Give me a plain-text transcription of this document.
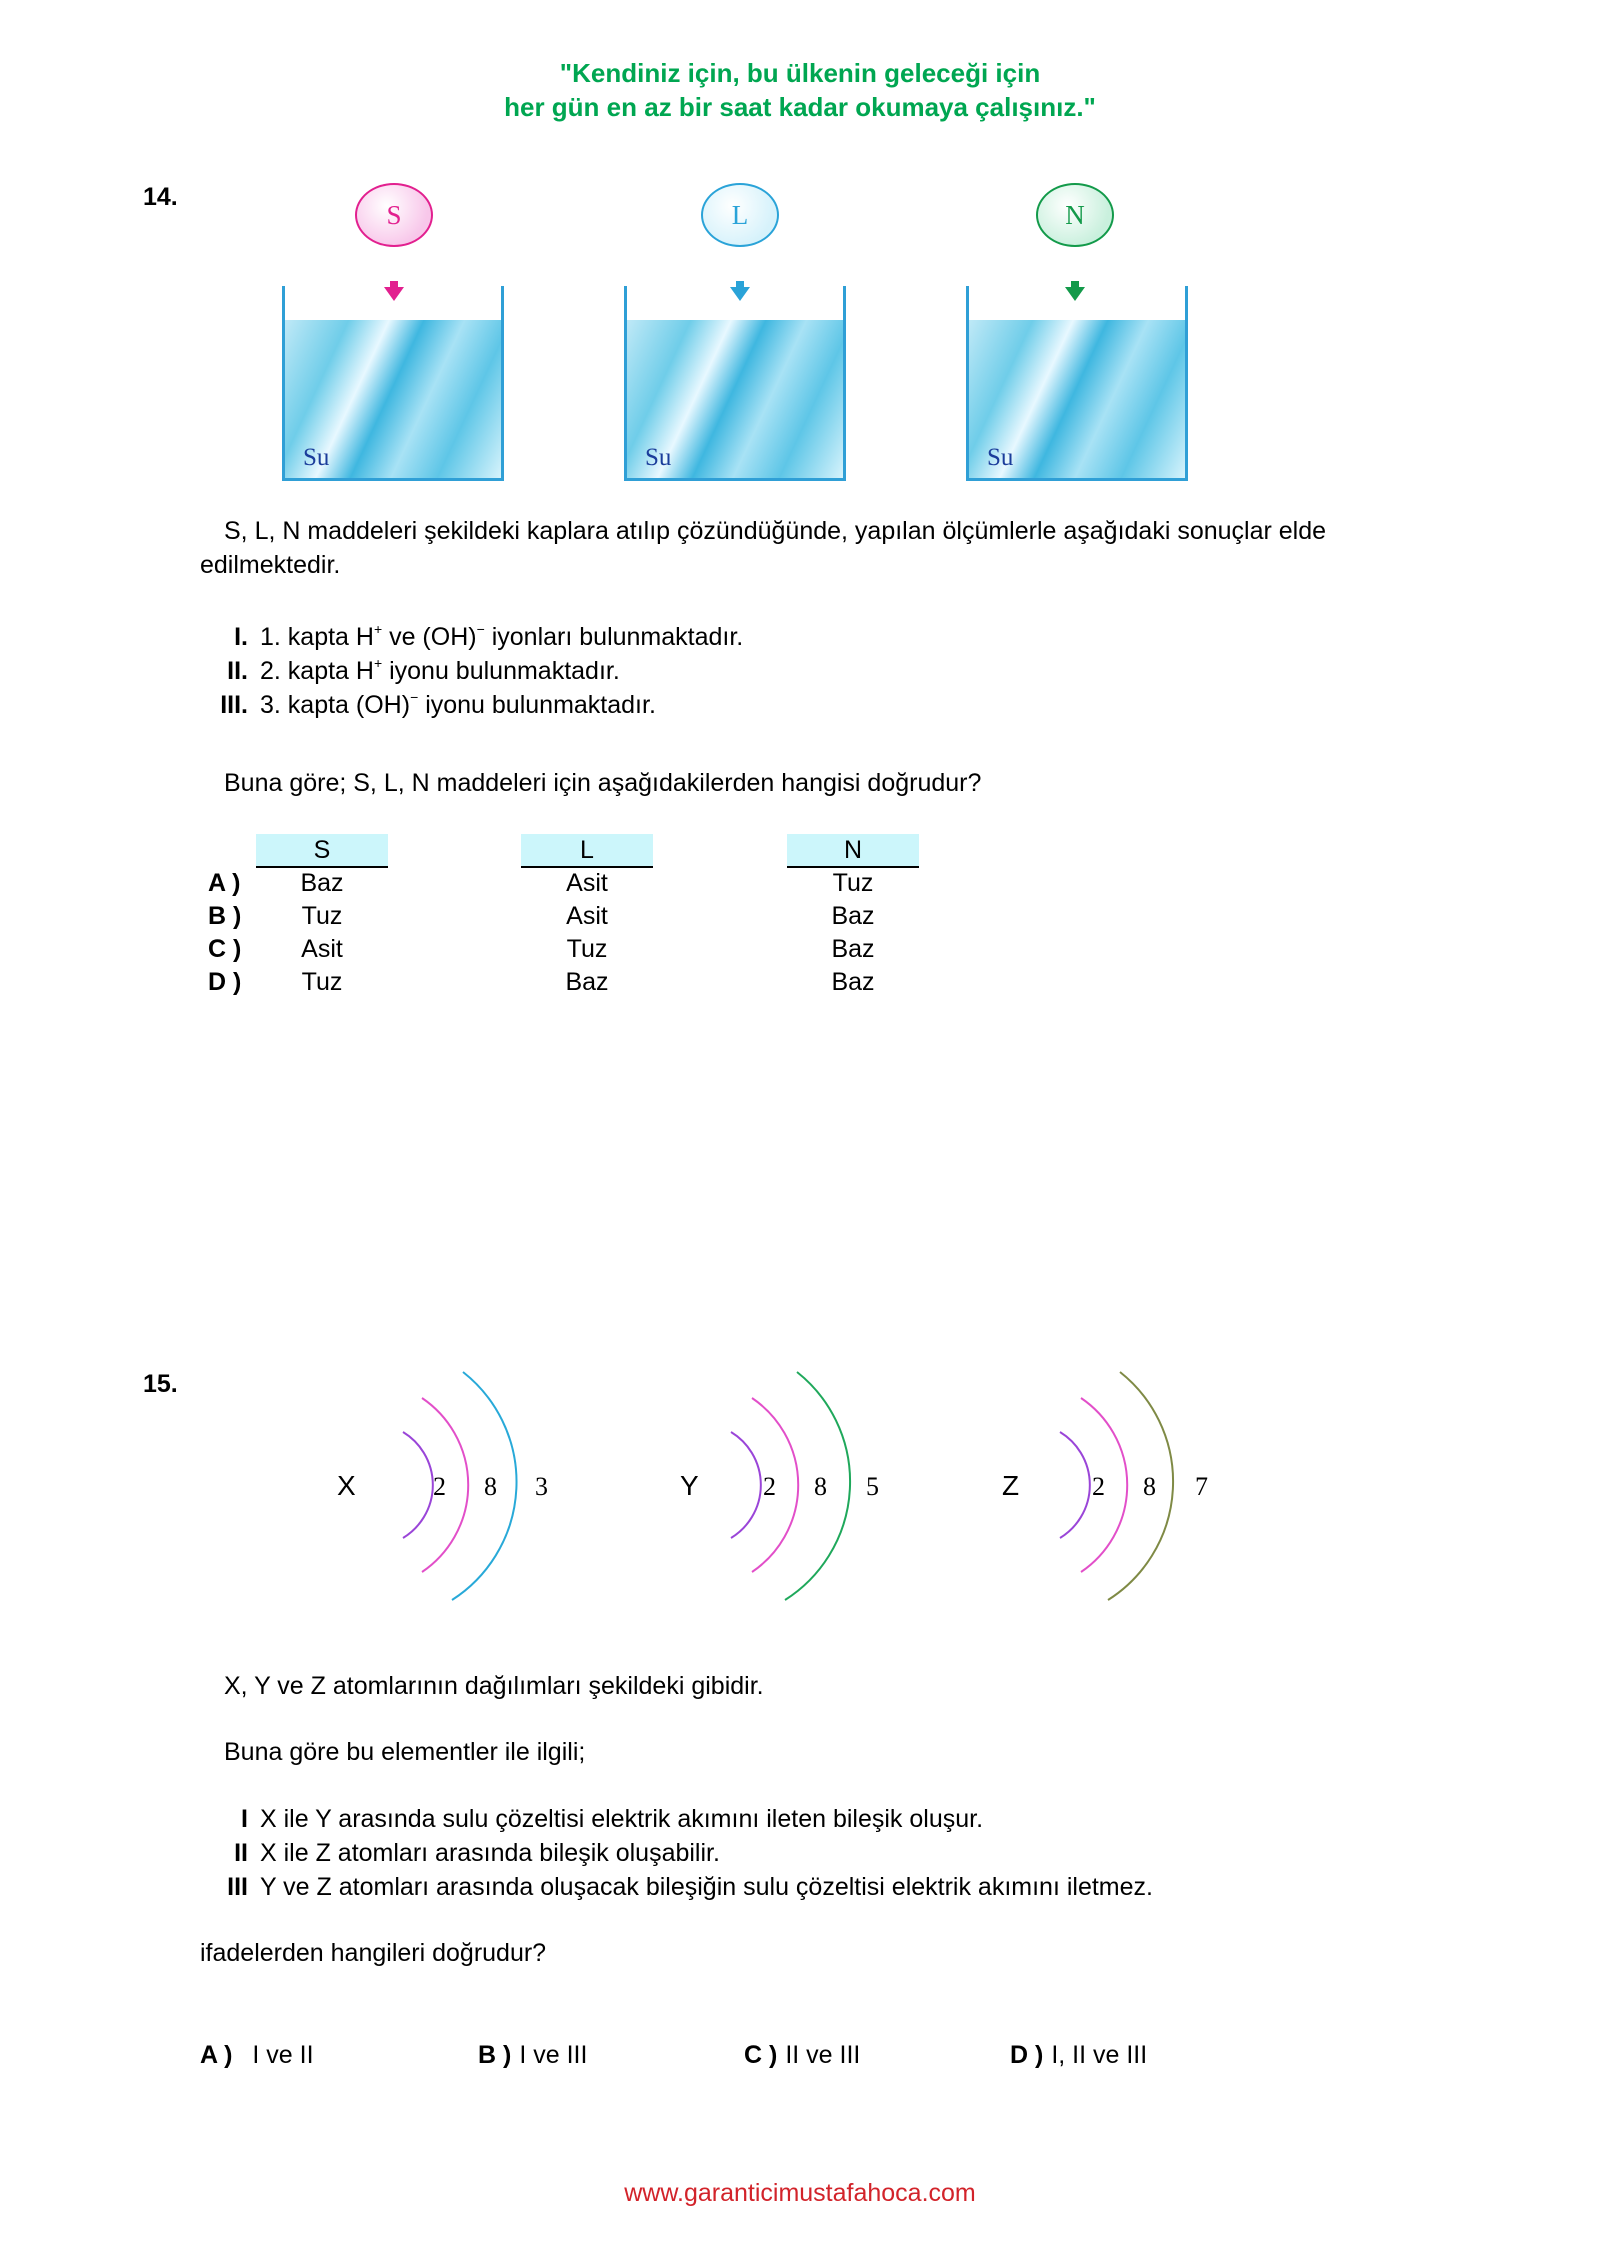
"Kendiniz için, bu ülkenin geleceği için
her gün en az bir saat kadar okumaya çalışınız."
14.
S	L	N
Su	Su	Su
S, L, N maddeleri şekildeki kaplara atılıp çözündüğünde, yapılan ölçümlerle aşağıdaki sonuçlar elde edilmektedir.
I. 1. kapta H+ ve (OH)− iyonları bulunmaktadır.
II. 2. kapta H+ iyonu bulunmaktadır.
III. 3. kapta (OH)− iyonu bulunmaktadır.
Buna göre; S, L, N maddeleri için aşağıdakilerden hangisi doğrudur?
S	L	N
A )	Baz	Asit	Tuz
B )	Tuz	Asit	Baz
C )	Asit	Tuz	Baz
D )	Tuz	Baz	Baz
15.
X	2 8 3	Y 2 8 5	Z	2 8 7
X, Y ve Z atomlarının dağılımları şekildeki gibidir.
Buna göre bu elementler ile ilgili;
I X ile Y arasında sulu çözeltisi elektrik akımını ileten bileşik oluşur.
II X ile Z atomları arasında bileşik oluşabilir.
III Y ve Z atomları arasında oluşacak bileşiğin sulu çözeltisi elektrik akımını iletmez.
ifadelerden hangileri doğrudur?
A ) I ve II	B ) I ve III	C ) II ve III	D ) I, II ve III
www.garanticimustafahoca.com
